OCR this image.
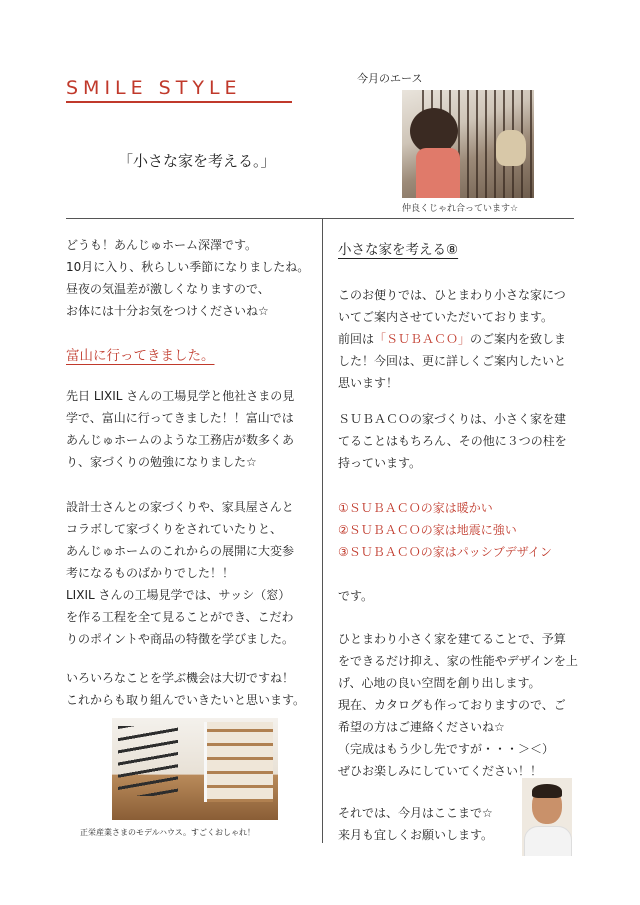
SMILE STYLE
「小さな家を考える。」
今月のエース
仲良くじゃれ合っています☆

どうも！あんじゅホーム深澤です。

10月に入り、秋らしい季節になりましたね。

昼夜の気温差が激しくなりますので、

お体には十分お気をつけくださいね☆

富山に行ってきました。

先日 LIXIL さんの工場見学と他社さまの見

学で、富山に行ってきました！！富山では

あんじゅホームのような工務店が数多くあ

り、家づくりの勉強になりました☆

設計士さんとの家づくりや、家具屋さんと

コラボして家づくりをされていたりと、

あんじゅホームのこれからの展開に大変参

考になるものばかりでした！！

LIXIL さんの工場見学では、サッシ（窓）

を作る工程を全て見ることができ、こだわ

りのポイントや商品の特徴を学びました。

いろいろなことを学ぶ機会は大切ですね！

これからも取り組んでいきたいと思います。

正栄産業さまのモデルハウス。すごくおしゃれ！
小さな家を考える⑧

このお便りでは、ひとまわり小さな家につ

いてご案内させていただいております。

前回は「ＳＵＢＡＣＯ」のご案内を致しま

した！今回は、更に詳しくご案内したいと

思います！

ＳＵＢＡＣＯの家づくりは、小さく家を建

てることはもちろん、その他に３つの柱を

持っています。

①ＳＵＢＡＣＯの家は暖かい

②ＳＵＢＡＣＯの家は地震に強い

③ＳＵＢＡＣＯの家はパッシブデザイン

です。

ひとまわり小さく家を建てることで、予算

をできるだけ抑え、家の性能やデザインを上

げ、心地の良い空間を創り出します。

現在、カタログも作っておりますので、ご

希望の方はご連絡くださいね☆

（完成はもう少し先ですが・・・＞＜）

ぜひお楽しみにしていてください！！

それでは、今月はここまで☆

来月も宜しくお願いします。
